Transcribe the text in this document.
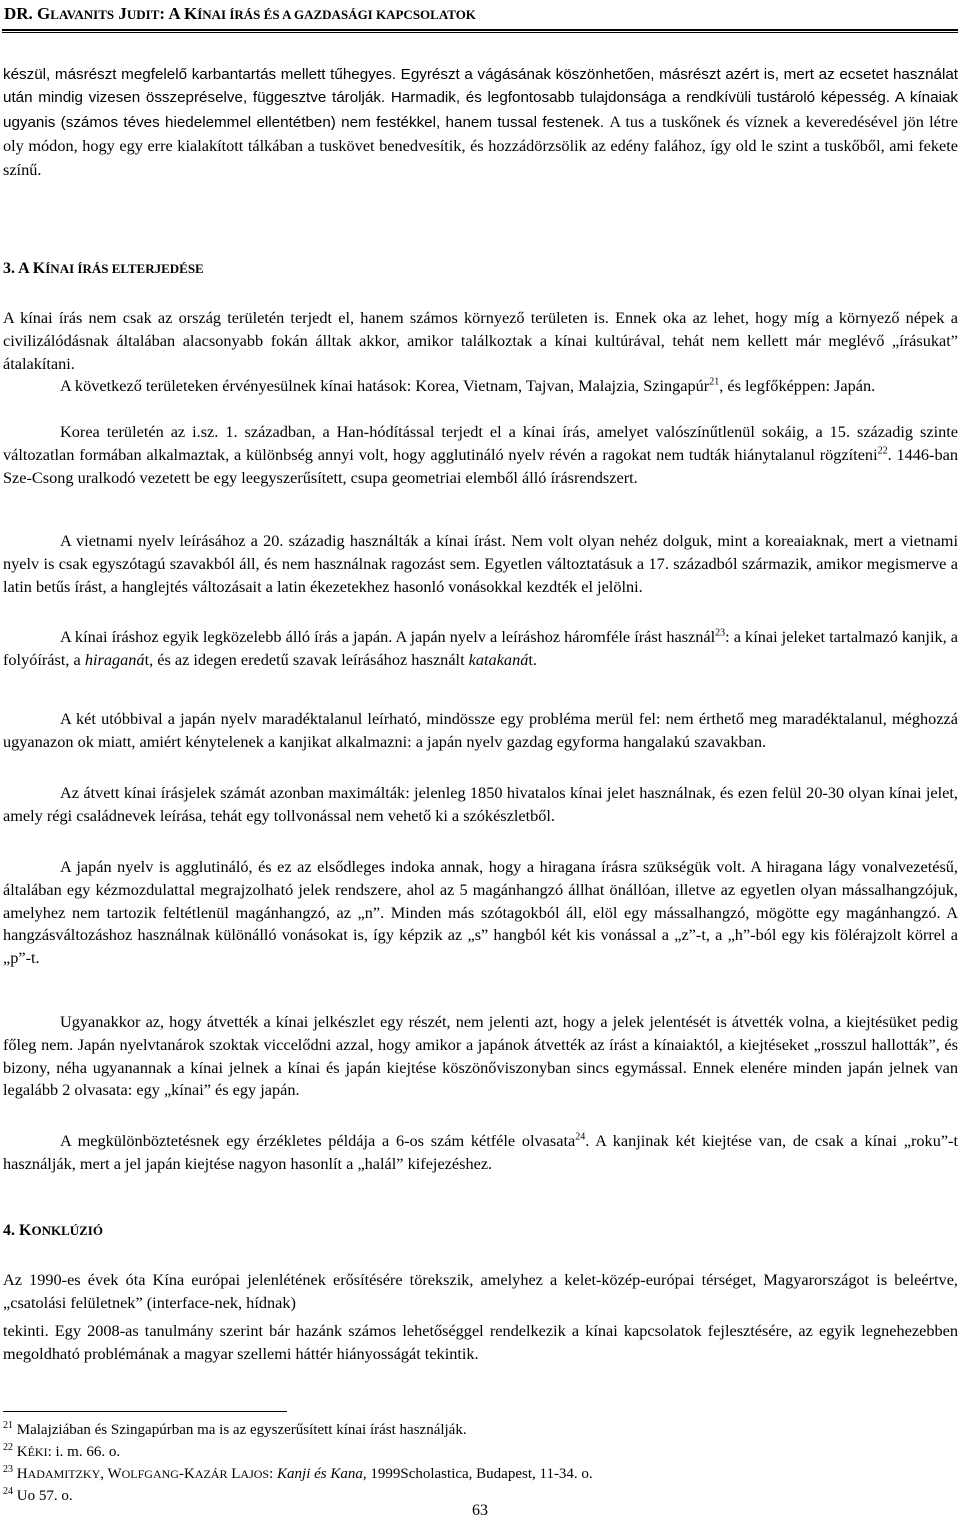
DR. GLAVANITS JUDIT: A KÍNAI ÍRÁS ÉS A GAZDASÁGI KAPCSOLATOK
készül, másrészt megfelelő karbantartás mellett tűhegyes. Egyrészt a vágásának köszönhetően, másrészt azért is, mert az ecsetet használat után mindig vizesen összepréselve, függesztve tárolják. Harmadik, és legfontosabb tulajdonsága a rendkívüli tustároló képesség. A kínaiak ugyanis (számos téves hiedelemmel ellentétben) nem festékkel, hanem tussal festenek. A tus a tuskőnek és víznek a keveredésével jön létre oly módon, hogy egy erre kialakított tálkában a tuskövet benedvesítik, és hozzádörzsölik az edény falához, így old le szint a tuskőből, ami fekete színű.
3. A KÍNAI ÍRÁS ELTERJEDÉSE
A kínai írás nem csak az ország területén terjedt el, hanem számos környező területen is. Ennek oka az lehet, hogy míg a környező népek a civilizálódásnak általában alacsonyabb fokán álltak akkor, amikor találkoztak a kínai kultúrával, tehát nem kellett már meglévő „írásukat” átalakítani.
A következő területeken érvényesülnek kínai hatások: Korea, Vietnam, Tajvan, Malajzia, Szingapúr$^{21}$, és legfőképpen: Japán.
Korea területén az i.sz. 1. században, a Han-hódítással terjedt el a kínai írás, amelyet valószínűtlenül sokáig, a 15. századig szinte változatlan formában alkalmaztak, a különbség annyi volt, hogy agglutináló nyelv révén a ragokat nem tudták hiánytalanul rögzíteni$^{22}$. 1446-ban Sze-Csong uralkodó vezetett be egy leegyszerűsített, csupa geometriai elemből álló írásrendszert.
A vietnami nyelv leírásához a 20. századig használták a kínai írást. Nem volt olyan nehéz dolguk, mint a koreaiaknak, mert a vietnami nyelv is csak egyszótagú szavakból áll, és nem használnak ragozást sem. Egyetlen változtatásuk a 17. századból származik, amikor megismerve a latin betűs írást, a hanglejtés változásait a latin ékezetekhez hasonló vonásokkal kezdték el jelölni.
A kínai íráshoz egyik legközelebb álló írás a japán. A japán nyelv a leíráshoz háromféle írást használ$^{23}$: a kínai jeleket tartalmazó kanjik, a folyóírást, a hiraganát, és az idegen eredetű szavak leírásához használt katakanát.
A két utóbbival a japán nyelv maradéktalanul leírható, mindössze egy probléma merül fel: nem érthető meg maradéktalanul, méghozzá ugyanazon ok miatt, amiért kénytelenek a kanjikat alkalmazni: a japán nyelv gazdag egyforma hangalakú szavakban.
Az átvett kínai írásjelek számát azonban maximálták: jelenleg 1850 hivatalos kínai jelet használnak, és ezen felül 20-30 olyan kínai jelet, amely régi családnevek leírása, tehát egy tollvonással nem vehető ki a szókészletből.
A japán nyelv is agglutináló, és ez az elsődleges indoka annak, hogy a hiragana írásra szükségük volt. A hiragana lágy vonalvezetésű, általában egy kézmozdulattal megrajzolható jelek rendszere, ahol az 5 magánhangzó állhat önállóan, illetve az egyetlen olyan mássalhangzójuk, amelyhez nem tartozik feltétlenül magánhangzó, az „n”. Minden más szótagokból áll, elöl egy mássalhangzó, mögötte egy magánhangzó. A hangzásváltozáshoz használnak különálló vonásokat is, így képzik az „s” hangból két kis vonással a „z”-t, a „h”-ból egy kis fölérajzolt körrel a „p”-t.
Ugyanakkor az, hogy átvették a kínai jelkészlet egy részét, nem jelenti azt, hogy a jelek jelentését is átvették volna, a kiejtésüket pedig főleg nem. Japán nyelvtanárok szoktak viccelődni azzal, hogy amikor a japánok átvették az írást a kínaiaktól, a kiejtéseket „rosszul hallották”, és bizony, néha ugyanannak a kínai jelnek a kínai és japán kiejtése köszönőviszonyban sincs egymással. Ennek elenére minden japán jelnek van legalább 2 olvasata: egy „kínai” és egy japán.
A megkülönböztetésnek egy érzékletes példája a 6-os szám kétféle olvasata$^{24}$. A kanjinak két kiejtése van, de csak a kínai „roku”-t használják, mert a jel japán kiejtése nagyon hasonlít a „halál” kifejezéshez.
4. KONKLÚZIÓ
Az 1990-es évek óta Kína európai jelenlétének erősítésére törekszik, amelyhez a kelet-közép-európai térséget, Magyarországot is beleértve, „csatolási felületnek” (interface-nek, hídnak)
tekinti. Egy 2008-as tanulmány szerint bár hazánk számos lehetőséggel rendelkezik a kínai kapcsolatok fejlesztésére, az egyik legnehezebben megoldható problémának a magyar szellemi háttér hiányosságát tekintik.
$^{21}$ Malajziában és Szingapúrban ma is az egyszerűsített kínai írást használják.
$^{22}$ KÉKI: i. m. 66. o.
$^{23}$ HADAMITZKY, WOLFGANG-KAZÁR LAJOS: Kanji és Kana, 1999Scholastica, Budapest, 11-34. o.
$^{24}$ Uo 57. o.
63
